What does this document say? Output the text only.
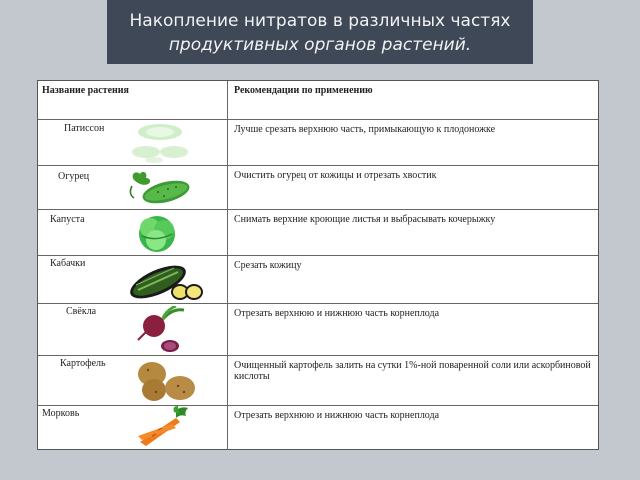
Накопление нитратов в различных частях
продуктивных органов растений.
Название растения	Рекомендации по применению
Патиссон	Лучше срезать верхнюю часть, примыкающую к плодоножке
Огурец	Очистить огурец от кожицы и отрезать хвостик
Капуста	Снимать верхние кроющие листья и выбрасывать кочерыжку
Кабачки	Срезать кожицу
Свёкла	Отрезать верхнюю и нижнюю часть корнеплода
Картофель	Очищенный картофель залить на сутки 1%-ной поваренной соли или аскорбиновой кислоты
Морковь	Отрезать верхнюю и нижнюю часть корнеплода
